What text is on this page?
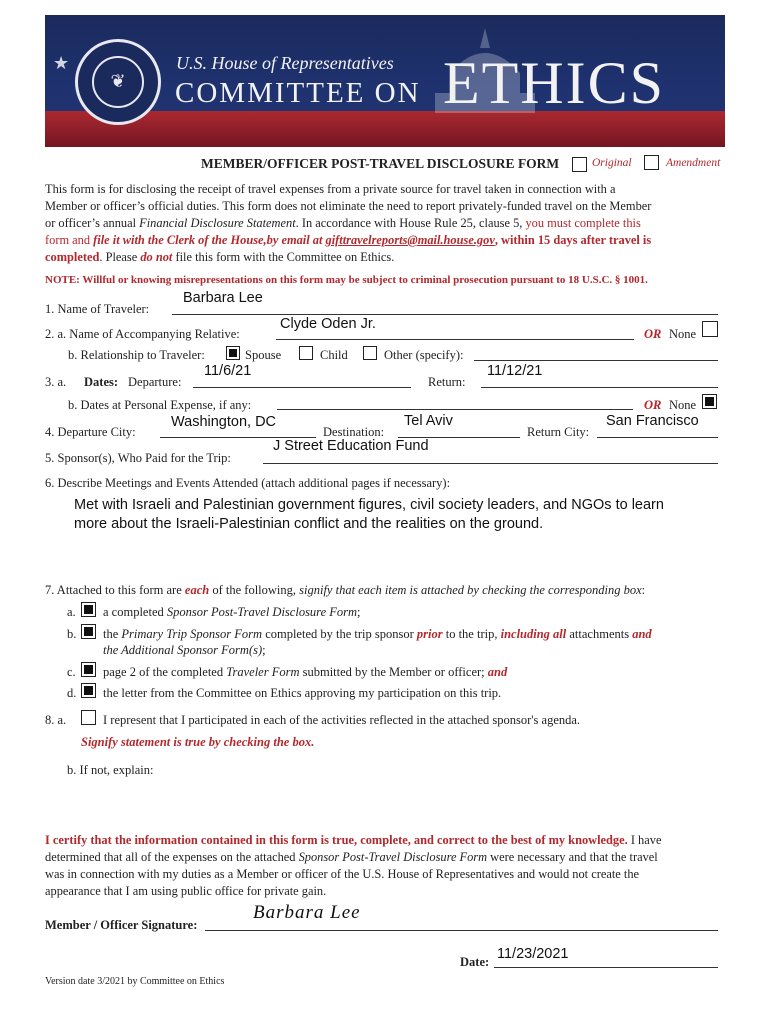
★
❦
U.S. House of Representatives
COMMITTEE ON ETHICS
MEMBER/OFFICER POST-TRAVEL DISCLOSURE FORM	Original	Amendment
This form is for disclosing the receipt of travel expenses from a private source for travel taken in connection with a
Member or officer’s official duties. This form does not eliminate the need to report privately-funded travel on the Member
or officer’s annual Financial Disclosure Statement. In accordance with House Rule 25, clause 5, you must complete this
form and file it with the Clerk of the House,by email at gifttravelreports@mail.house.gov, within 15 days after travel is
completed. Please do not file this form with the Committee on Ethics.
NOTE: Willful or knowing misrepresentations on this form may be subject to criminal prosecution pursuant to 18 U.S.C. § 1001.
1. Name of Traveler:
Barbara Lee
2. a. Name of Accompanying Relative:
Clyde Oden Jr.
OR None
b. Relationship to Traveler:	Spouse	Child	Other (specify):
3. a. Dates: Departure:
11/6/21
Return:
11/12/21
b. Dates at Personal Expense, if any:	OR None
4. Departure City:
Washington, DC
Destination:
Tel Aviv
Return City:
San Francisco
5. Sponsor(s), Who Paid for the Trip:
J Street Education Fund
6. Describe Meetings and Events Attended (attach additional pages if necessary):
Met with Israeli and Palestinian government figures, civil society leaders, and NGOs to learn
more about the Israeli-Palestinian conflict and the realities on the ground.
7. Attached to this form are each of the following, signify that each item is attached by checking the corresponding box:
a. a completed Sponsor Post-Travel Disclosure Form;
b. the Primary Trip Sponsor Form completed by the trip sponsor prior to the trip, including all attachments and
the Additional Sponsor Form(s);
c. page 2 of the completed Traveler Form submitted by the Member or officer; and
d. the letter from the Committee on Ethics approving my participation on this trip.
8. a.	I represent that I participated in each of the activities reflected in the attached sponsor's agenda.
Signify statement is true by checking the box.
b. If not, explain:
I certify that the information contained in this form is true, complete, and correct to the best of my knowledge. I have
determined that all of the expenses on the attached Sponsor Post-Travel Disclosure Form were necessary and that the travel
was in connection with my duties as a Member or officer of the U.S. House of Representatives and would not create the
appearance that I am using public office for private gain.
Member / Officer Signature:
Barbara Lee
Date: 11/23/2021
Version date 3/2021 by Committee on Ethics
